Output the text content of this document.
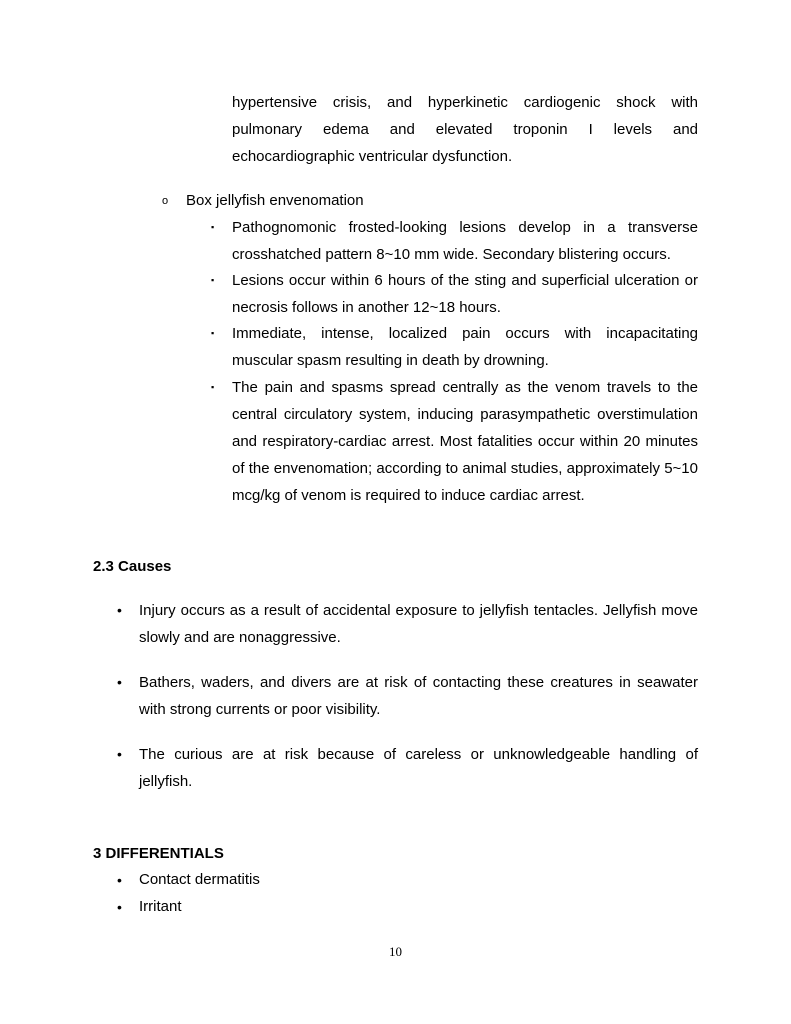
hypertensive crisis, and hyperkinetic cardiogenic shock with pulmonary edema and elevated troponin I levels and echocardiographic ventricular dysfunction.
o Box jellyfish envenomation
▪ Pathognomonic frosted-looking lesions develop in a transverse crosshatched pattern 8~10 mm wide. Secondary blistering occurs.
▪ Lesions occur within 6 hours of the sting and superficial ulceration or necrosis follows in another 12~18 hours.
▪ Immediate, intense, localized pain occurs with incapacitating muscular spasm resulting in death by drowning.
▪ The pain and spasms spread centrally as the venom travels to the central circulatory system, inducing parasympathetic overstimulation and respiratory-cardiac arrest. Most fatalities occur within 20 minutes of the envenomation; according to animal studies, approximately 5~10 mcg/kg of venom is required to induce cardiac arrest.
2.3 Causes
• Injury occurs as a result of accidental exposure to jellyfish tentacles. Jellyfish move slowly and are nonaggressive.
• Bathers, waders, and divers are at risk of contacting these creatures in seawater with strong currents or poor visibility.
• The curious are at risk because of careless or unknowledgeable handling of jellyfish.
3 DIFFERENTIALS
• Contact dermatitis
• Irritant
10
